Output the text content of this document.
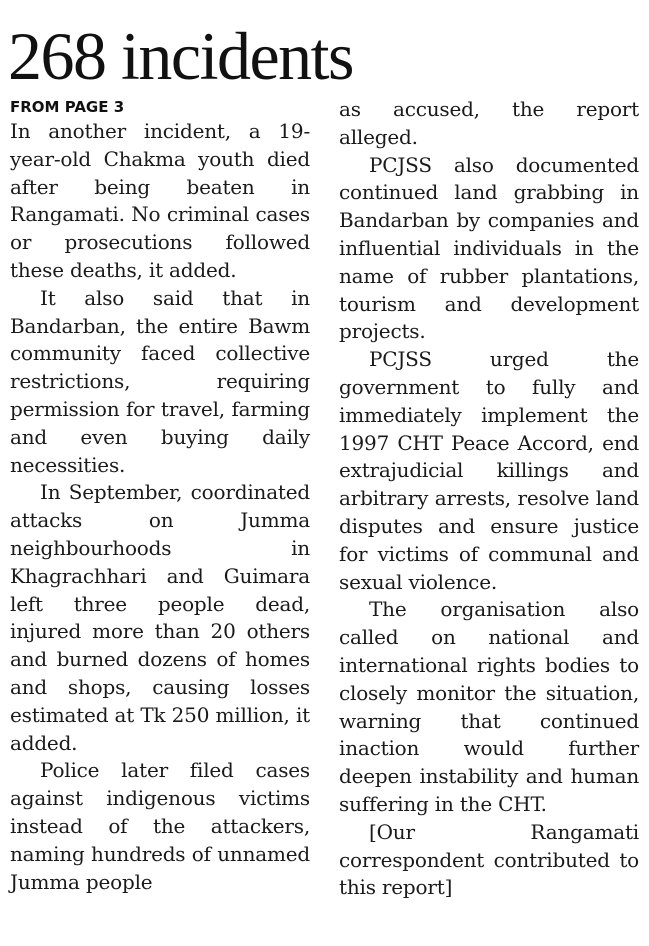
268 incidents
FROM PAGE 3

In another incident, a 19-year-old Chakma youth died after being beaten in Rangamati. No criminal cases or prosecutions followed these deaths, it added.

It also said that in Bandarban, the entire Bawm community faced collective restrictions, requiring permission for travel, farming and even buying daily necessities.

In September, coordinated attacks on Jumma neighbourhoods in Khagrachhari and Guimara left three people dead, injured more than 20 others and burned dozens of homes and shops, causing losses estimated at Tk 250 million, it added.

Police later filed cases against indigenous victims instead of the attackers, naming hundreds of unnamed Jumma people

as accused, the report alleged.

PCJSS also documented continued land grabbing in Bandarban by companies and influential individuals in the name of rubber plantations, tourism and development projects.

PCJSS urged the government to fully and immediately implement the 1997 CHT Peace Accord, end extrajudicial killings and arbitrary arrests, resolve land disputes and ensure justice for victims of communal and sexual violence.

The organisation also called on national and international rights bodies to closely monitor the situation, warning that continued inaction would further deepen instability and human suffering in the CHT.

[Our Rangamati correspondent contributed to this report]
